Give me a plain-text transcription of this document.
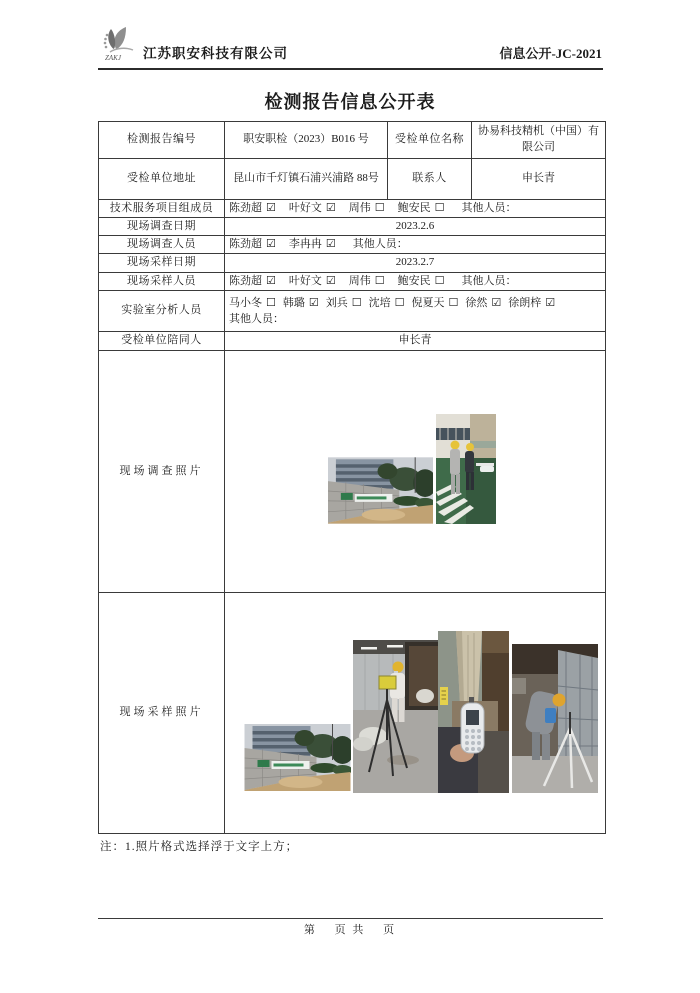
ZAKJ 江苏职安科技有限公司	信息公开-JC-2021
检测报告信息公开表
检测报告编号	职安职检（2023）B016 号	受检单位名称	协易科技精机（中国）有限公司
受检单位地址	昆山市千灯镇石浦兴浦路 88号	联系人	申长青
技术服务项目组成员	陈劲超 ☑ 叶好文 ☑ 周伟 ☐ 鲍安民 ☐ 其他人员：		
现场调查日期	2023.2.6		
现场调查人员	陈劲超 ☑ 李冉冉 ☑ 其他人员：		
现场采样日期	2023.2.7		
现场采样人员	陈劲超 ☑ 叶好文 ☑ 周伟 ☐ 鲍安民 ☐ 其他人员：		
实验室分析人员	马小冬 ☐ 韩璐 ☑ 刘兵 ☐ 沈培 ☐ 倪夏天 ☐ 徐然 ☑ 徐朗梓 ☑
其他人员：		

受检单位陪同人	申长青		
现场调查照片	

现场采样照片	
注：1.照片格式选择浮于文字上方；
第　 页 共　 页
